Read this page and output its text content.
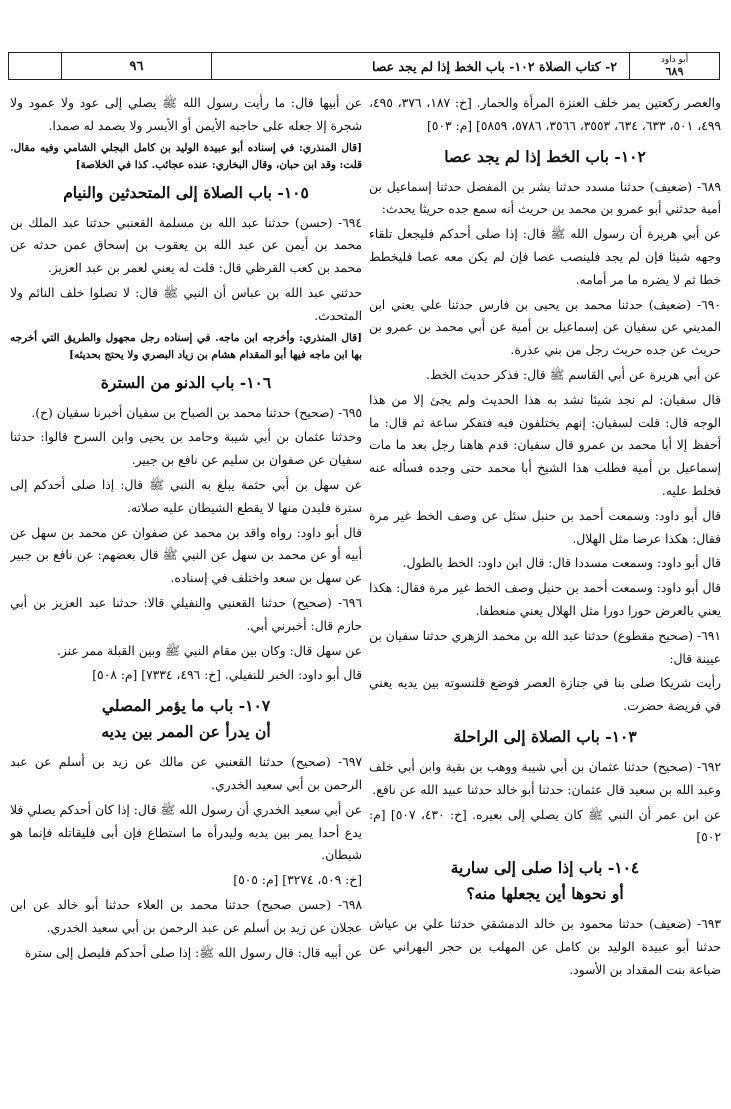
أبو داود
٦٨٩
٢- كتاب الصلاة ١٠٢- باب الخط إذا لم يجد عصا
٩٦

والعصر ركعتين يمر خلف العنزة المرأة والحمار. [خ: ١٨٧، ٣٧٦، ٤٩٥، ٤٩٩، ٥٠١، ٦٣٣، ٦٣٤، ٣٥٥٣، ٣٥٦٦، ٥٧٨٦، ٥٨٥٩] [م: ٥٠٣]

١٠٢- باب الخط إذا لم يجد عصا

٦٨٩- (ضعيف) حدثنا مسدد حدثنا بشر بن المفضل حدثنا إسماعيل بن أمية حدثني أبو عمرو بن محمد بن حريث أنه سمع جده حريثا يحدث:

عن أبي هريرة أن رسول الله ﷺ قال: إذا صلى أحدكم فليجعل تلقاء وجهه شيئا فإن لم يجد فلينصب عصا فإن لم يكن معه عصا فليخطط خطا ثم لا يضره ما مر أمامه.

٦٩٠- (ضعيف) حدثنا محمد بن يحيى بن فارس حدثنا علي يعني ابن المديني عن سفيان عن إسماعيل بن أمية عن أبي محمد بن عمرو بن حريث عن جده حريث رجل من بني عذرة.

عن أبي هريرة عن أبي القاسم ﷺ قال: فذكر حديث الخط.

قال سفيان: لم نجد شيئا نشد به هذا الحديث ولم يجئ إلا من هذا الوجه قال: قلت لسفيان: إنهم يختلفون فيه فتفكر ساعة ثم قال: ما أحفظ إلا أبا محمد بن عمرو قال سفيان: قدم هاهنا رجل بعد ما مات إسماعيل بن أمية فطلب هذا الشيخ أبا محمد حتى وجده فسأله عنه فخلط عليه.

قال أبو داود: وسمعت أحمد بن حنبل سئل عن وصف الخط غير مرة فقال: هكذا عرضا مثل الهلال.

قال أبو داود: وسمعت مسددا قال: قال ابن داود: الخط بالطول.

قال أبو داود: وسمعت أحمد بن حنبل وصف الخط غير مرة فقال: هكذا يعني بالعرض حورا دورا مثل الهلال يعني منعطفا.

٦٩١- (صحيح مقطوع) حدثنا عبد الله بن محمد الزهري حدثنا سفيان بن عيينة قال:

رأيت شريكا صلى بنا في جنازة العصر فوضع قلنسوته بين يديه يعني في فريضة حضرت.

١٠٣- باب الصلاة إلى الراحلة

٦٩٢- (صحيح) حدثنا عثمان بن أبي شيبة ووهب بن بقية وابن أبي خلف وعبد الله بن سعيد قال عثمان: حدثنا أبو خالد حدثنا عبيد الله عن نافع.

عن ابن عمر أن النبي ﷺ كان يصلي إلى بعيره. [خ: ٤٣٠، ٥٠٧] [م: ٥٠٢]

١٠٤- باب إذا صلى إلى سارية
أو نحوها أين يجعلها منه؟

٦٩٣- (ضعيف) حدثنا محمود بن خالد الدمشقي حدثنا علي بن عياش حدثنا أبو عبيدة الوليد بن كامل عن المهلب بن حجر البهراني عن ضباعة بنت المقداد بن الأسود.

عن أبيها قال: ما رأيت رسول الله ﷺ يصلي إلى عود ولا عمود ولا شجرة إلا جعله على حاجبه الأيمن أو الأيسر ولا يصمد له صمدا.

[قال المنذري: في إسناده أبو عبيدة الوليد بن كامل البجلي الشامي وفيه مقال. قلت: وقد ابن حبان، وقال البخاري: عنده عجائب. كذا في الخلاصة]

١٠٥- باب الصلاة إلى المتحدثين والنيام

٦٩٤- (حسن) حدثنا عبد الله بن مسلمة القعنبي حدثنا عبد الملك بن محمد بن أيمن عن عبد الله بن يعقوب بن إسحاق عمن حدثه عن محمد بن كعب القرظي قال: قلت له يعني لعمر بن عبد العزيز.

حدثني عبد الله بن عباس أن النبي ﷺ قال: لا تصلوا خلف النائم ولا المتحدث.

[قال المنذري: وأخرجه ابن ماجه. في إسناده رجل مجهول والطريق التي أخرجه بها ابن ماجه فيها أبو المقدام هشام بن زياد البصري ولا يحتج بحديثه]

١٠٦- باب الدنو من السترة

٦٩٥- (صحيح) حدثنا محمد بن الصباح بن سفيان أخبرنا سفيان (ح).

وحدثنا عثمان بن أبي شيبة وحامد بن يحيى وابن السرح قالوا: حدثنا سفيان عن صفوان بن سليم عن نافع بن جبير.

عن سهل بن أبي حثمة يبلغ به النبي ﷺ قال: إذا صلى أحدكم إلى سترة فليدن منها لا يقطع الشيطان عليه صلاته.

قال أبو داود: رواه واقد بن محمد عن صفوان عن محمد بن سهل عن أبيه أو عن محمد بن سهل عن النبي ﷺ قال بعضهم: عن نافع بن جبير عن سهل بن سعد واختلف في إسناده.

٦٩٦- (صحيح) حدثنا القعنبي والنفيلي قالا: حدثنا عبد العزيز بن أبي حازم قال: أخبرني أبي.

عن سهل قال: وكان بين مقام النبي ﷺ وبين القبلة ممر عنز.

قال أبو داود: الخبر للنفيلي. [خ: ٤٩٦، ٧٣٣٤] [م: ٥٠٨]

١٠٧- باب ما يؤمر المصلي
أن يدرأ عن الممر بين يديه

٦٩٧- (صحيح) حدثنا القعنبي عن مالك عن زيد بن أسلم عن عبد الرحمن بن أبي سعيد الخدري.

عن أبي سعيد الخدري أن رسول الله ﷺ قال: إذا كان أحدكم يصلي فلا يدع أحدا يمر بين يديه وليدرأه ما استطاع فإن أبى فليقاتله فإنما هو شيطان.

[خ: ٥٠٩، ٣٢٧٤] [م: ٥٠٥]

٦٩٨- (حسن صحيح) حدثنا محمد بن العلاء حدثنا أبو خالد عن ابن عجلان عن زيد بن أسلم عن عبد الرحمن بن أبي سعيد الخدري.

عن أبيه قال: قال رسول الله ﷺ: إذا صلى أحدكم فليصل إلى سترة
